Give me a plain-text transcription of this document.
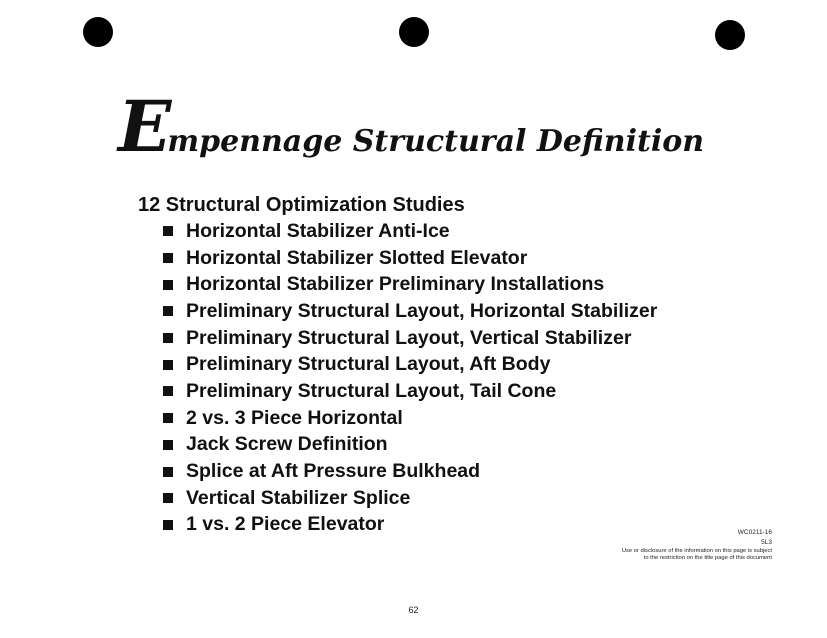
Empennage Structural Definition
12 Structural Optimization Studies
Horizontal Stabilizer Anti-Ice
Horizontal Stabilizer Slotted Elevator
Horizontal Stabilizer Preliminary Installations
Preliminary Structural Layout, Horizontal Stabilizer
Preliminary Structural Layout, Vertical Stabilizer
Preliminary Structural Layout, Aft Body
Preliminary Structural Layout, Tail Cone
2 vs. 3 Piece Horizontal
Jack Screw Definition
Splice at Aft Pressure Bulkhead
Vertical Stabilizer Splice
1 vs. 2 Piece Elevator	WC0211-16
5L3
Use or disclosure of the information on this page is subject
to the restriction on the title page of this document
62
